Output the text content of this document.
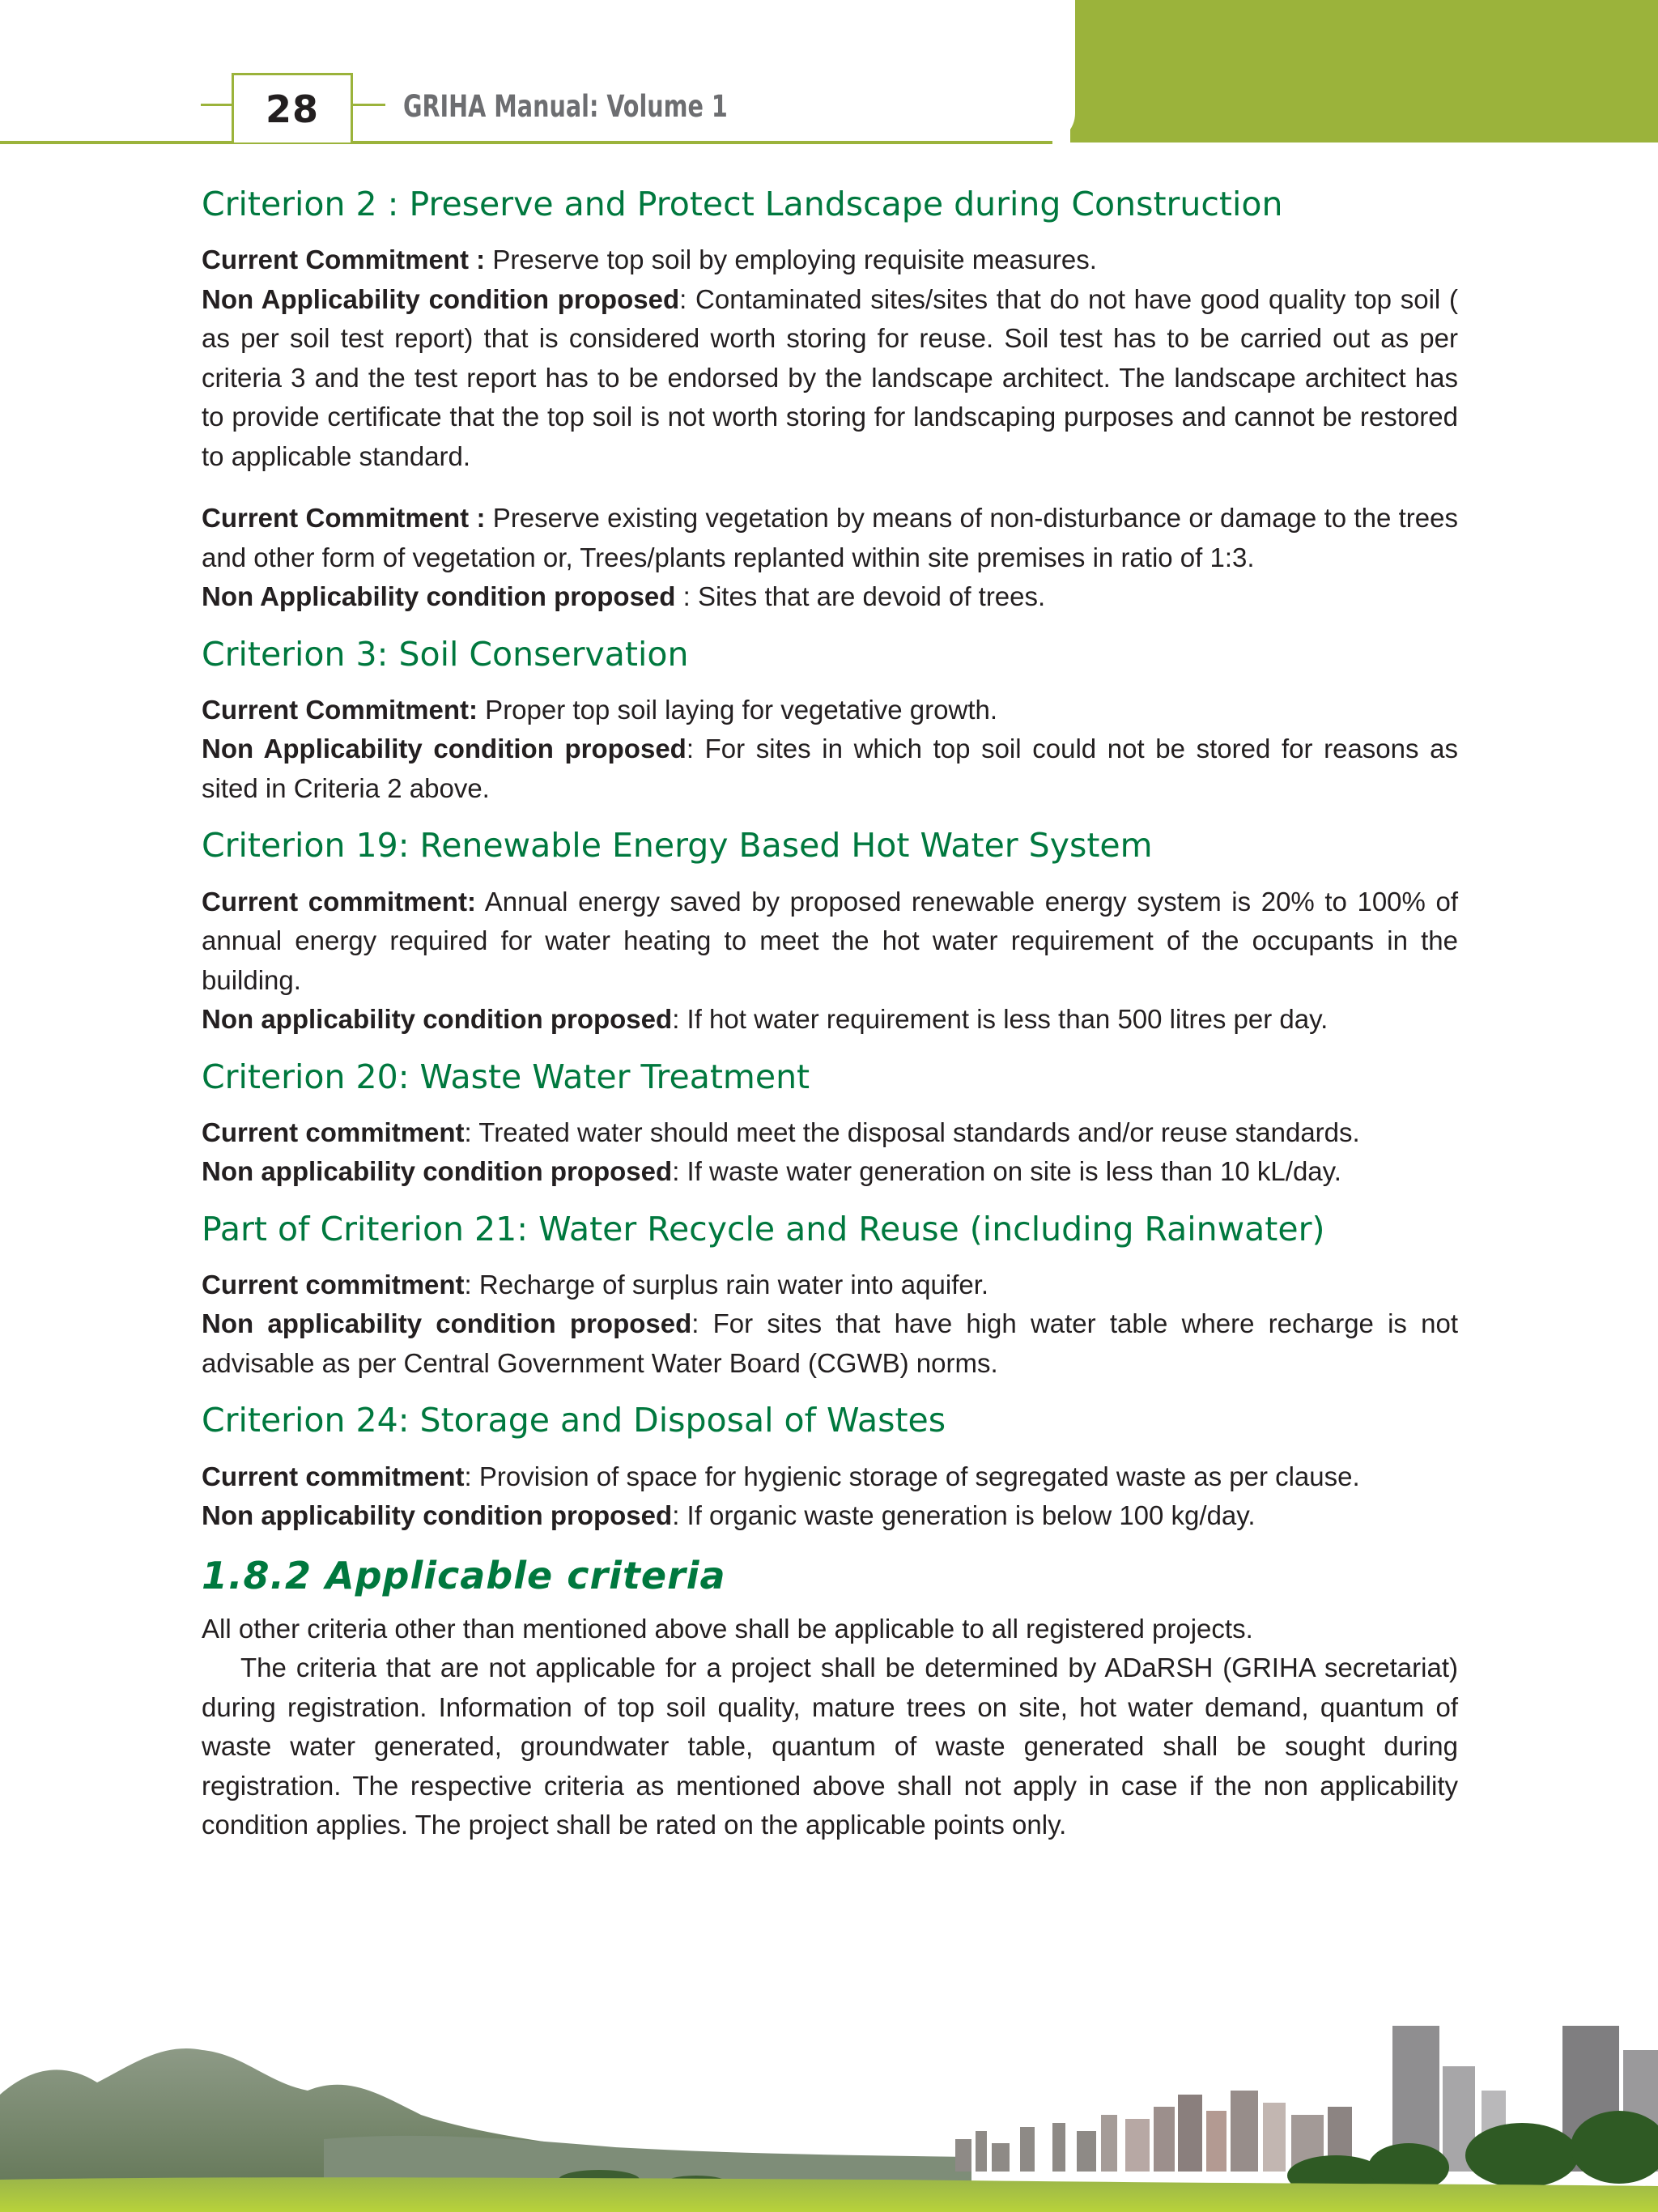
28	GRIHA Manual: Volume 1
Criterion 2 : Preserve and Protect Landscape during Construction

Current Commitment : Preserve top soil by employing requisite measures.

Non Applicability condition proposed: Contaminated sites/sites that do not have good quality top soil ( as per soil test report) that is considered worth storing for reuse. Soil test has to be carried out as per criteria 3 and the test report has to be endorsed by the landscape architect. The landscape architect has to provide certificate that the top soil is not worth storing for landscaping purposes and cannot be restored to applicable standard.

Current Commitment : Preserve existing vegetation by means of non-disturbance or damage to the trees and other form of vegetation or, Trees/plants replanted within site premises in ratio of 1:3.

Non Applicability condition proposed : Sites that are devoid of trees.

Criterion 3: Soil Conservation

Current Commitment: Proper top soil laying for vegetative growth.

Non Applicability condition proposed: For sites in which top soil could not be stored for reasons as sited in Criteria 2 above.

Criterion 19: Renewable Energy Based Hot Water System

Current commitment: Annual energy saved by proposed renewable energy system is 20% to 100% of annual energy required for water heating to meet the hot water requirement of the occupants in the building.

Non applicability condition proposed: If hot water requirement is less than 500 litres per day.

Criterion 20: Waste Water Treatment

Current commitment: Treated water should meet the disposal standards and/or reuse standards.

Non applicability condition proposed: If waste water generation on site is less than 10 kL/day.

Part of Criterion 21: Water Recycle and Reuse (including Rainwater)

Current commitment: Recharge of surplus rain water into aquifer.

Non applicability condition proposed: For sites that have high water table where recharge is not advisable as per Central Government Water Board (CGWB) norms.

Criterion 24: Storage and Disposal of Wastes

Current commitment: Provision of space for hygienic storage of segregated waste as per clause.

Non applicability condition proposed: If organic waste generation is below 100 kg/day.

1.8.2 Applicable criteria

All other criteria other than mentioned above shall be applicable to all registered projects.

The criteria that are not applicable for a project shall be determined by ADaRSH (GRIHA secretariat) during registration. Information of top soil quality, mature trees on site, hot water demand, quantum of waste water generated, groundwater table, quantum of waste generated shall be sought during registration. The respective criteria as mentioned above shall not apply in case if the non applicability condition applies. The project shall be rated on the applicable points only.
